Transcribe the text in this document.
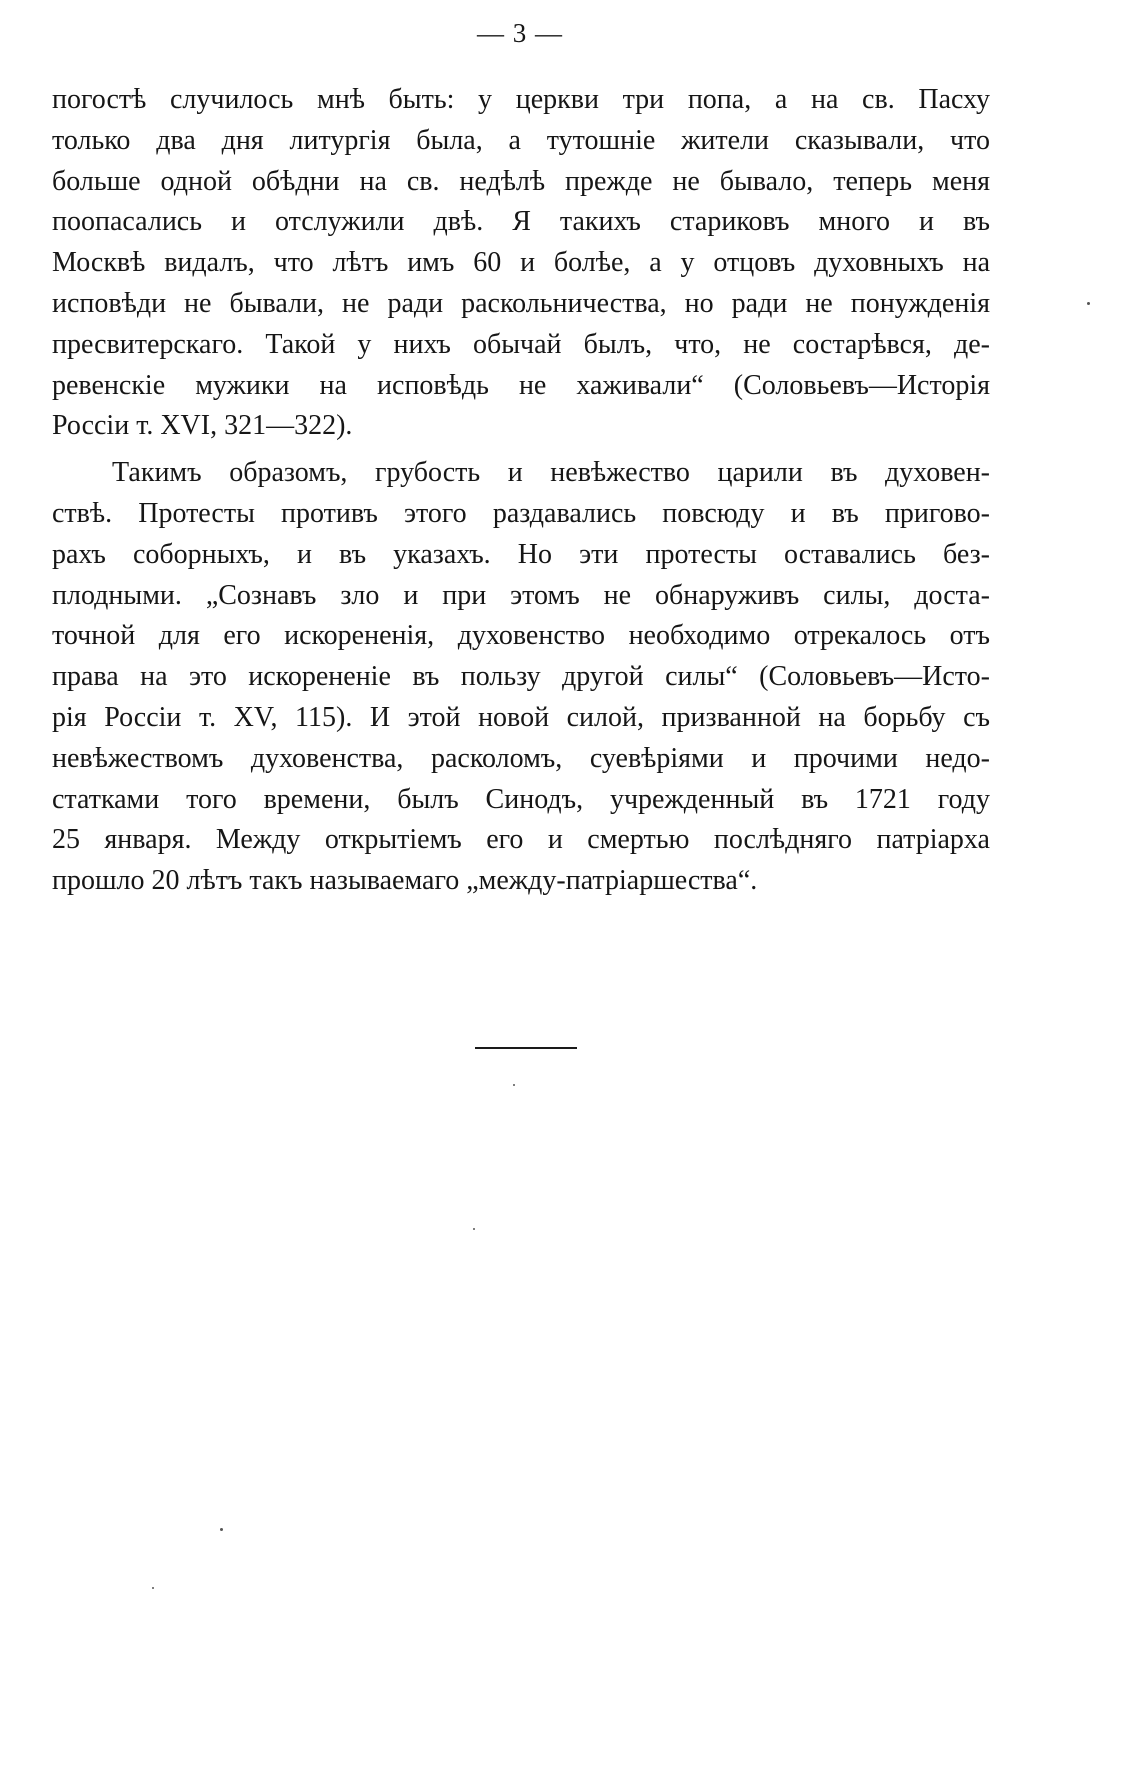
— 3 —
погостѣ случилось мнѣ быть: у церкви три попа, а на св. Пасху
только два дня литургія была, а тутошніе жители сказывали, что
больше одной обѣдни на св. недѣлѣ прежде не бывало, теперь меня
поопасались и отслужили двѣ. Я такихъ стариковъ много и въ
Москвѣ видалъ, что лѣтъ имъ 60 и болѣе, а у отцовъ духовныхъ на
исповѣди не бывали, не ради раскольничества, но ради не понужденія
пресвитерскаго. Такой у нихъ обычай былъ, что, не состарѣвся, де-
ревенскіе мужики на исповѣдь не хаживали“ (Соловьевъ—Исторія
Россіи т. XVI, 321—322).
Такимъ образомъ, грубость и невѣжество царили въ духовен-
ствѣ. Протесты противъ этого раздавались повсюду и въ пригово-
рахъ соборныхъ, и въ указахъ. Но эти протесты оставались без-
плодными. „Сознавъ зло и при этомъ не обнаруживъ силы, доста-
точной для его искорененія, духовенство необходимо отрекалось отъ
права на это искорененіе въ пользу другой силы“ (Соловьевъ—Исто-
рія Россіи т. XV, 115). И этой новой силой, призванной на борьбу съ
невѣжествомъ духовенства, расколомъ, суевѣріями и прочими недо-
статками того времени, былъ Синодъ, учрежденный въ 1721 году
25 января. Между открытіемъ его и смертью послѣдняго патріарха
прошло 20 лѣтъ такъ называемаго „между-патріаршества“.
